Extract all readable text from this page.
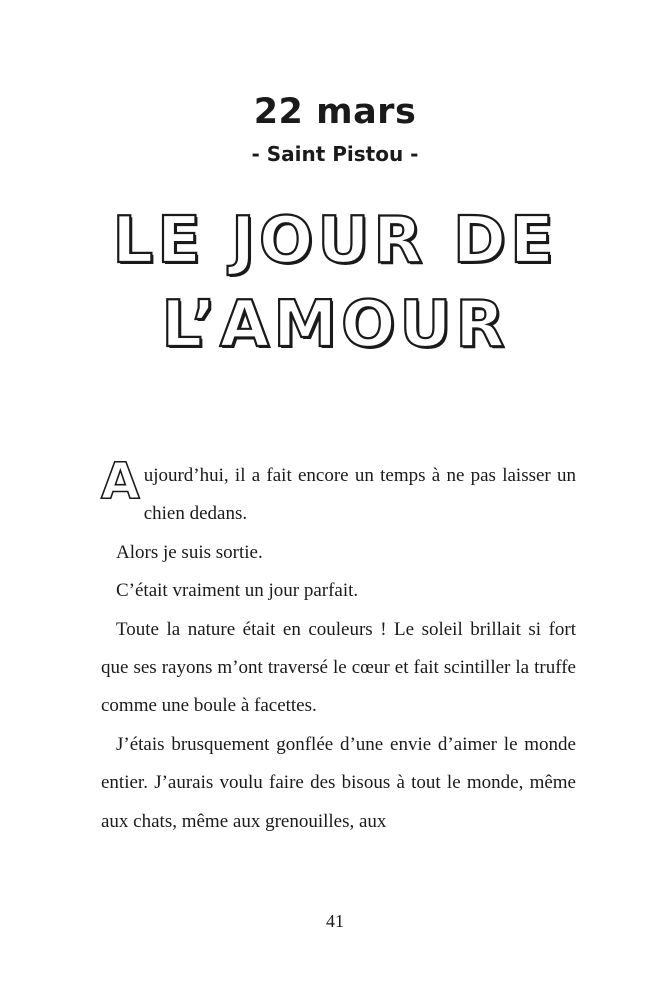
22 mars
- Saint Pistou -
LE JOUR DE
L’AMOUR

Aujourd’hui, il a fait encore un temps à ne pas laisser un chien dedans.

Alors je suis sortie.

C’était vraiment un jour parfait.

Toute la nature était en couleurs ! Le soleil brillait si fort que ses rayons m’ont traversé le cœur et fait scintiller la truffe comme une boule à facettes.

J’étais brusquement gonflée d’une envie d’aimer le monde entier. J’aurais voulu faire des bisous à tout le monde, même aux chats, même aux grenouilles, aux

41
